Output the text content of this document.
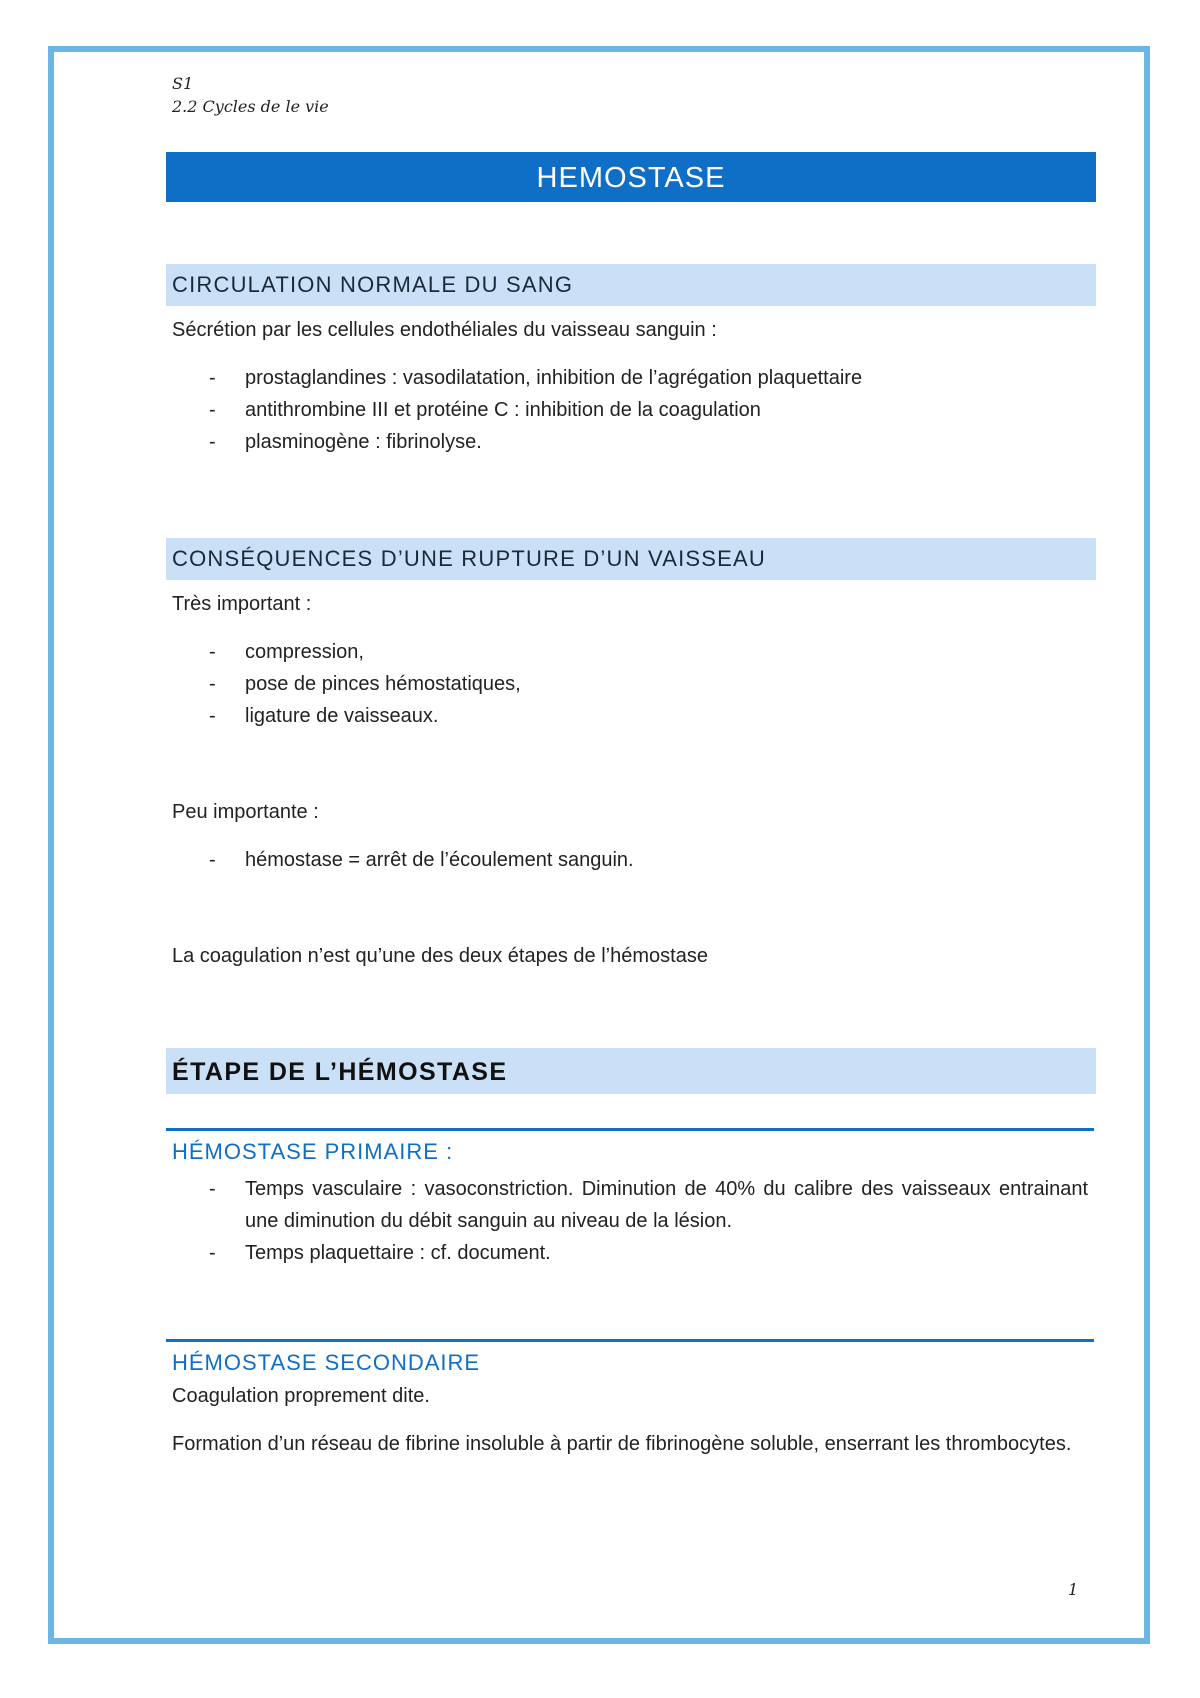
S1
2.2 Cycles de le vie
HEMOSTASE
CIRCULATION NORMALE DU SANG

Sécrétion par les cellules endothéliales du vaisseau sanguin :

- prostaglandines : vasodilatation, inhibition de l’agrégation plaquettaire
- antithrombine III et protéine C : inhibition de la coagulation
- plasminogène : fibrinolyse.
CONSÉQUENCES D’UNE RUPTURE D’UN VAISSEAU

Très important :

- compression,
- pose de pinces hémostatiques,
- ligature de vaisseaux.

Peu importante :

- hémostase = arrêt de l’écoulement sanguin.

La coagulation n’est qu’une des deux étapes de l’hémostase

ÉTAPE DE L’HÉMOSTASE
HÉMOSTASE PRIMAIRE :
- Temps vasculaire : vasoconstriction. Diminution de 40% du calibre des vaisseaux entrainant une diminution du débit sanguin au niveau de la lésion.
- Temps plaquettaire : cf. document.
HÉMOSTASE SECONDAIRE

Coagulation proprement dite.

Formation d’un réseau de fibrine insoluble à partir de fibrinogène soluble, enserrant les thrombocytes.

1
